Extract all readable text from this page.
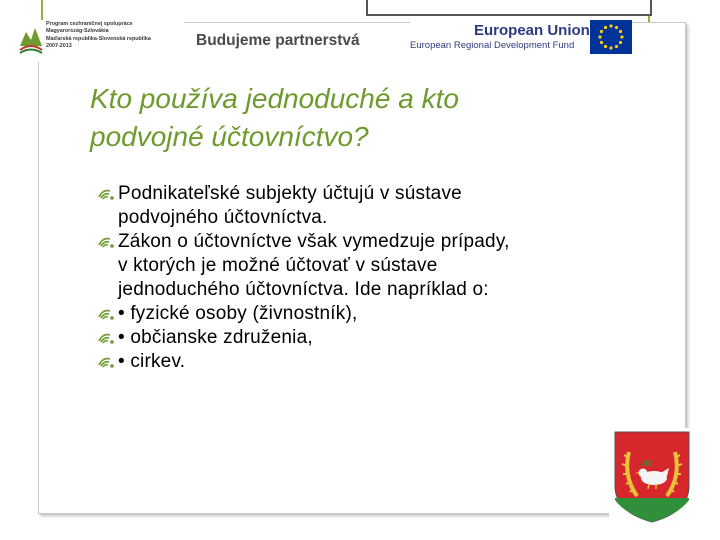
Program cezhraničnej spolupráce
Magyarország-Szlovákia
Maďarská republika-Slovenská republika
2007-2013	Budujeme partnerstvá
European Union
European Regional Development Fund
Kto používa jednoduché a kto
podvojné účtovníctvo?
Podnikateľské subjekty účtujú v sústave
podvojného účtovníctva.
Zákon o účtovníctve však vymedzuje prípady,
v ktorých je možné účtovať v sústave
jednoduchého účtovníctva. Ide napríklad o:
• fyzické osoby (živnostník),
• občianske združenia,
• cirkev.
